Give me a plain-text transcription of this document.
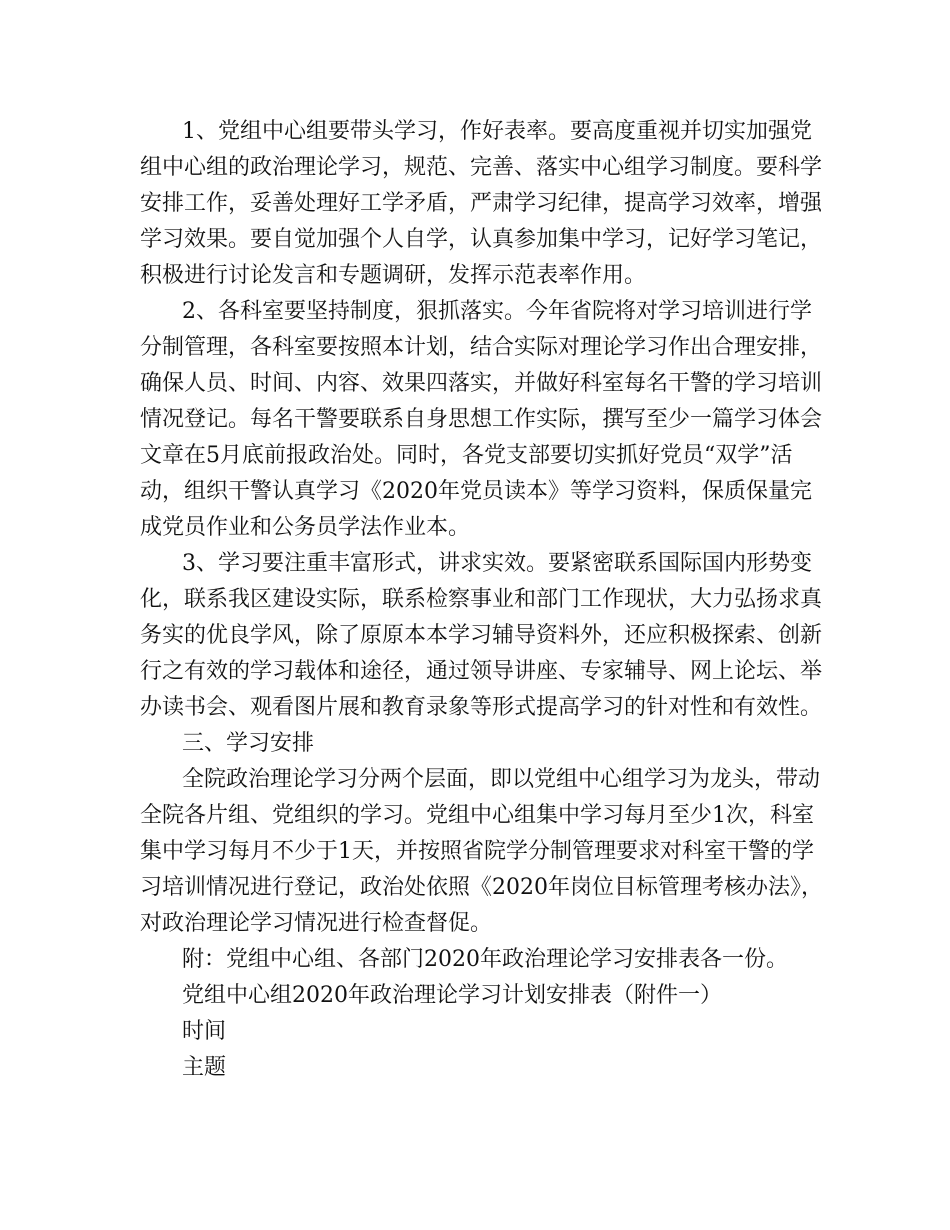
1、党组中心组要带头学习，作好表率。要高度重视并切实加强党
组中心组的政治理论学习，规范、完善、落实中心组学习制度。要科学
安排工作，妥善处理好工学矛盾，严肃学习纪律，提高学习效率，增强
学习效果。要自觉加强个人自学，认真参加集中学习，记好学习笔记，
积极进行讨论发言和专题调研，发挥示范表率作用。
2、各科室要坚持制度，狠抓落实。今年省院将对学习培训进行学
分制管理，各科室要按照本计划，结合实际对理论学习作出合理安排，
确保人员、时间、内容、效果四落实，并做好科室每名干警的学习培训
情况登记。每名干警要联系自身思想工作实际，撰写至少一篇学习体会
文章在5月底前报政治处。同时，各党支部要切实抓好党员“双学”活
动，组织干警认真学习《2020年党员读本》等学习资料，保质保量完
成党员作业和公务员学法作业本。
3、学习要注重丰富形式，讲求实效。要紧密联系国际国内形势变
化，联系我区建设实际，联系检察事业和部门工作现状，大力弘扬求真
务实的优良学风，除了原原本本学习辅导资料外，还应积极探索、创新
行之有效的学习载体和途径，通过领导讲座、专家辅导、网上论坛、举
办读书会、观看图片展和教育录象等形式提高学习的针对性和有效性。
三、学习安排
全院政治理论学习分两个层面，即以党组中心组学习为龙头，带动
全院各片组、党组织的学习。党组中心组集中学习每月至少1次，科室
集中学习每月不少于1天，并按照省院学分制管理要求对科室干警的学
习培训情况进行登记，政治处依照《2020年岗位目标管理考核办法》，
对政治理论学习情况进行检查督促。
附：党组中心组、各部门2020年政治理论学习安排表各一份。
党组中心组2020年政治理论学习计划安排表（附件一）
时间
主题
